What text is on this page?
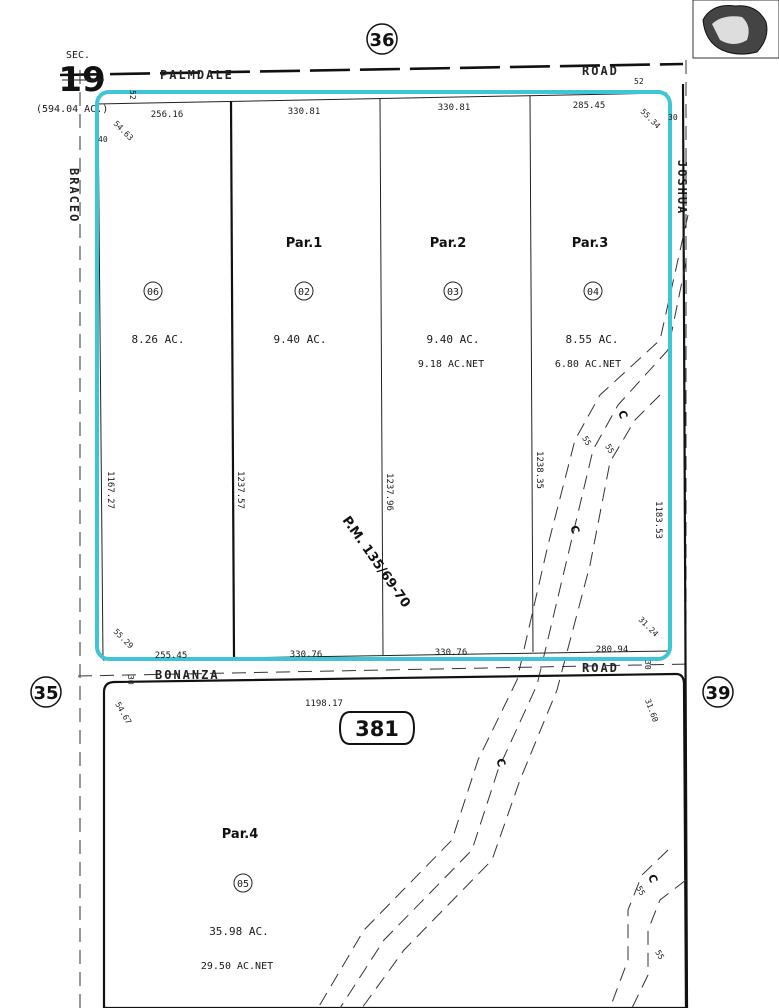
36
35	39
SEC.
19
(594.04 AC.)
PALMDALE	ROAD
BONANZA	ROAD
BRACEO	JOSHUA
06
8.26 AC.
Par.1
02
9.40 AC.
Par.2
03
9.40 AC.
9.18 AC.NET
Par.3
04
8.55 AC.
6.80 AC.NET
Par.4
05
35.98 AC.
29.50 AC.NET
381
P.M. 135/69-70
256.16	330.81	330.81	285.45
255.45	330.76	330.76	280.94
1167.27	1237.57	1237.96
1238.35
1183.53
52
52
40
30
54.63
55.34
55.29
31.24
30
30
54.67	31.60
1198.17
C
C
C
C
55
55
55
55
